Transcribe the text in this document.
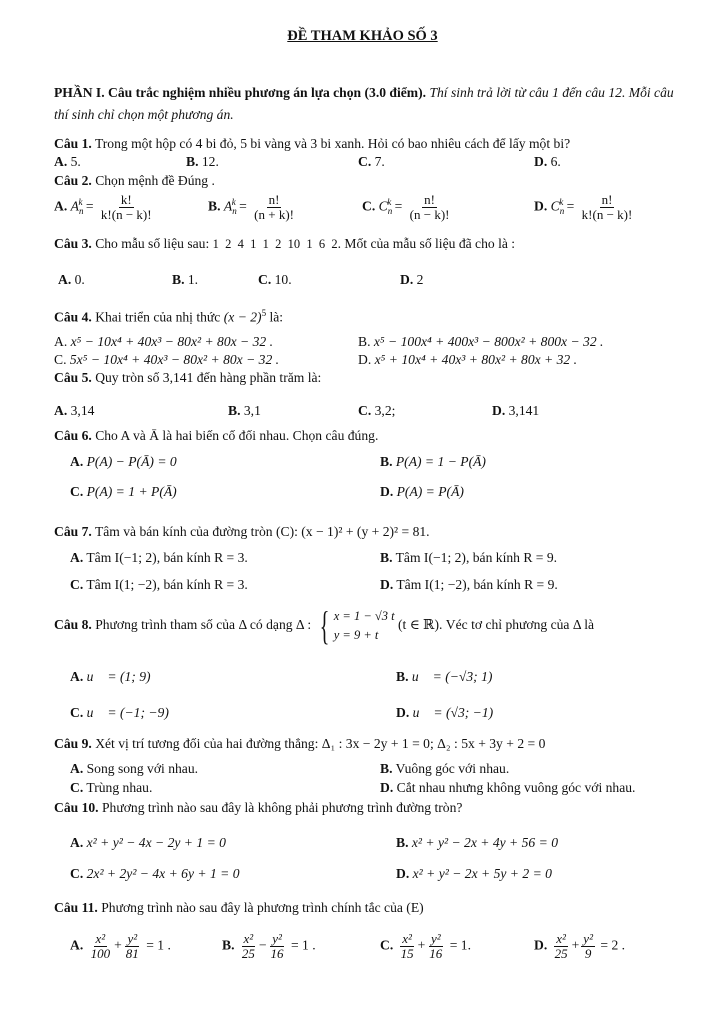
ĐỀ THAM KHẢO SỐ 3
PHẦN I. Câu trắc nghiệm nhiều phương án lựa chọn (3.0 điểm). Thí sinh trả lời từ câu 1 đến câu 12. Mỗi câu thí sinh chỉ chọn một phương án.
Câu 1. Trong một hộp có 4 bi đỏ, 5 bi vàng và 3 bi xanh. Hỏi có bao nhiêu cách để lấy một bi?
A. 5.	B. 12.	C. 7.	D. 6.
Câu 2. Chọn mệnh đề Đúng .
A. $A_n^k = \frac{k!}{k!(n - k)!}$	B. $A_n^k = \frac{n!}{(n + k)!}$	C. $C_n^k = \frac{n!}{(n - k)!}$	D. $C_n^k = \frac{n!}{k!(n - k)!}$
Câu 3. Cho mẫu số liệu sau: 1  2  4  1  1  2  10  1  6  2. Mốt của mẫu số liệu đã cho là :
A. 0.	B. 1.	C. 10.	D. 2
Câu 4. Khai triển của nhị thức $(x - 2)^5$ là:
A. x⁵ − 10x⁴ + 40x³ − 80x² + 80x − 32 .	B. x⁵ − 100x⁴ + 400x³ − 800x² + 800x − 32 .
C. 5x⁵ − 10x⁴ + 40x³ − 80x² + 80x − 32 .	D. x⁵ + 10x⁴ + 40x³ + 80x² + 80x + 32 .
Câu 5. Quy tròn số 3,141 đến hàng phần trăm là:
A. 3,14	B. 3,1	C. 3,2;	D. 3,141
Câu 6. Cho A và Ā là hai biến cố đối nhau. Chọn câu đúng.
A. P(A) − P(Ā) = 0	B. P(A) = 1 − P(Ā)
C. P(A) = 1 + P(Ā)	D. P(A) = P(Ā)
Câu 7. Tâm và bán kính của đường tròn (C): (x − 1)² + (y + 2)² = 81.
A. Tâm I(−1; 2), bán kính R = 3.	B. Tâm I(−1; 2), bán kính R = 9.
C. Tâm I(1; −2), bán kính R = 3.	D. Tâm I(1; −2), bán kính R = 9.
Câu 8. Phương trình tham số của Δ có dạng Δ : { x = 1 − √3 t
y = 9 + t
(t ∈ ℝ). Véc tơ chỉ phương của Δ là
A. u⃗ = (1; 9)	B. u⃗ = (−√3; 1)
C. u⃗ = (−1; −9)	D. u⃗ = (√3; −1)
Câu 9. Xét vị trí tương đối của hai đường thẳng: Δ₁ : 3x − 2y + 1 = 0; Δ₂ : 5x + 3y + 2 = 0
A. Song song với nhau.	B. Vuông góc với nhau.
C. Trùng nhau.	D. Cắt nhau nhưng không vuông góc với nhau.
Câu 10. Phương trình nào sau đây là không phải phương trình đường tròn?
A. x² + y² − 4x − 2y + 1 = 0	B. x² + y² − 2x + 4y + 56 = 0
C. 2x² + 2y² − 4x + 6y + 1 = 0	D. x² + y² − 2x + 5y + 2 = 0
Câu 11. Phương trình nào sau đây là phương trình chính tắc của (E)
A. $\frac{\text{x²}}{100} + \frac{\text{y²}}{81} = 1$ .	B. $\frac{\text{x²}}{25} - \frac{\text{y²}}{16} = 1$ .	C. $\frac{\text{x²}}{15} + \frac{\text{y²}}{16} = 1$.	D. $\frac{\text{x²}}{25} + \frac{\text{y²}}{9} = 2$ .
